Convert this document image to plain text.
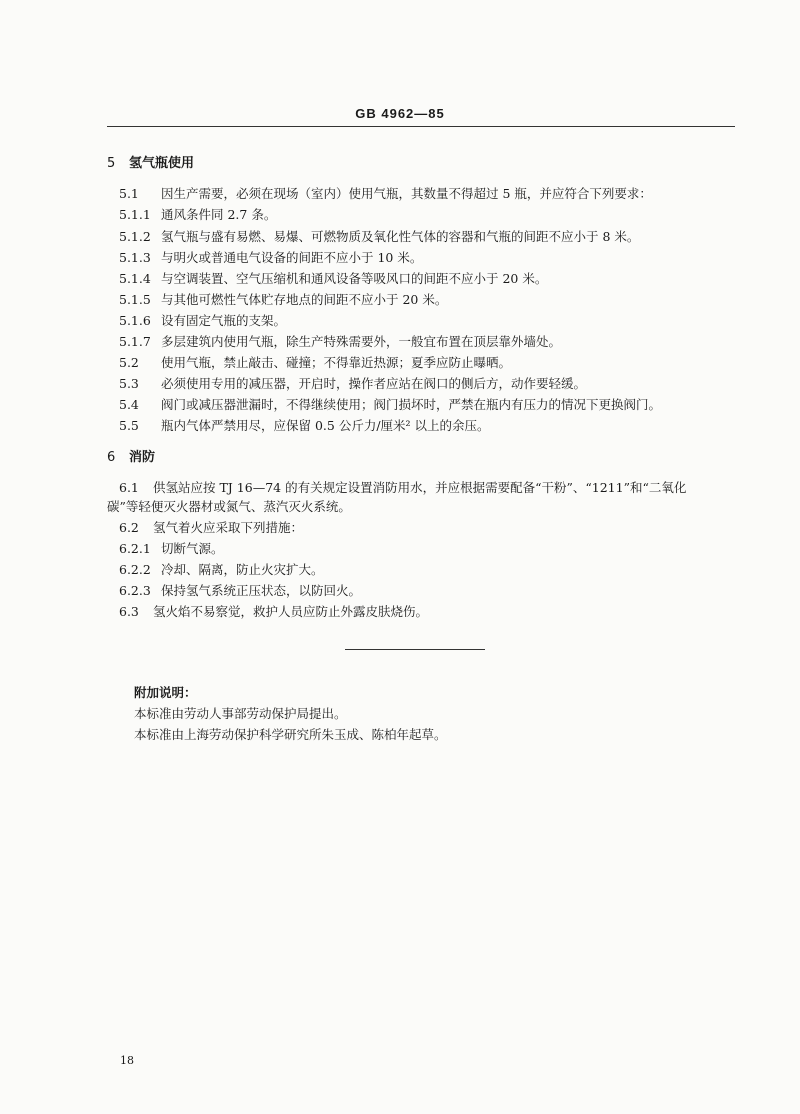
GB 4962—85
5 氢气瓶使用
5.1 因生产需要，必须在现场（室内）使用气瓶，其数量不得超过 5 瓶，并应符合下列要求：
5.1.1 通风条件同 2.7 条。
5.1.2 氢气瓶与盛有易燃、易爆、可燃物质及氧化性气体的容器和气瓶的间距不应小于 8 米。
5.1.3 与明火或普通电气设备的间距不应小于 10 米。
5.1.4 与空调装置、空气压缩机和通风设备等吸风口的间距不应小于 20 米。
5.1.5 与其他可燃性气体贮存地点的间距不应小于 20 米。
5.1.6 设有固定气瓶的支架。
5.1.7 多层建筑内使用气瓶，除生产特殊需要外，一般宜布置在顶层靠外墙处。
5.2 使用气瓶，禁止敲击、碰撞；不得靠近热源；夏季应防止曝晒。
5.3 必须使用专用的减压器，开启时，操作者应站在阀口的侧后方，动作要轻缓。
5.4 阀门或减压器泄漏时，不得继续使用；阀门损坏时，严禁在瓶内有压力的情况下更换阀门。
5.5 瓶内气体严禁用尽，应保留 0.5 公斤力/厘米² 以上的余压。
6 消防
6.1 供氢站应按 TJ 16—74 的有关规定设置消防用水，并应根据需要配备“干粉”、“1211”和“二氧化
碳”等轻便灭火器材或氮气、蒸汽灭火系统。
6.2 氢气着火应采取下列措施：
6.2.1 切断气源。
6.2.2 冷却、隔离，防止火灾扩大。
6.2.3 保持氢气系统正压状态，以防回火。
6.3 氢火焰不易察觉，救护人员应防止外露皮肤烧伤。
附加说明：
本标准由劳动人事部劳动保护局提出。
本标准由上海劳动保护科学研究所朱玉成、陈柏年起草。
18
